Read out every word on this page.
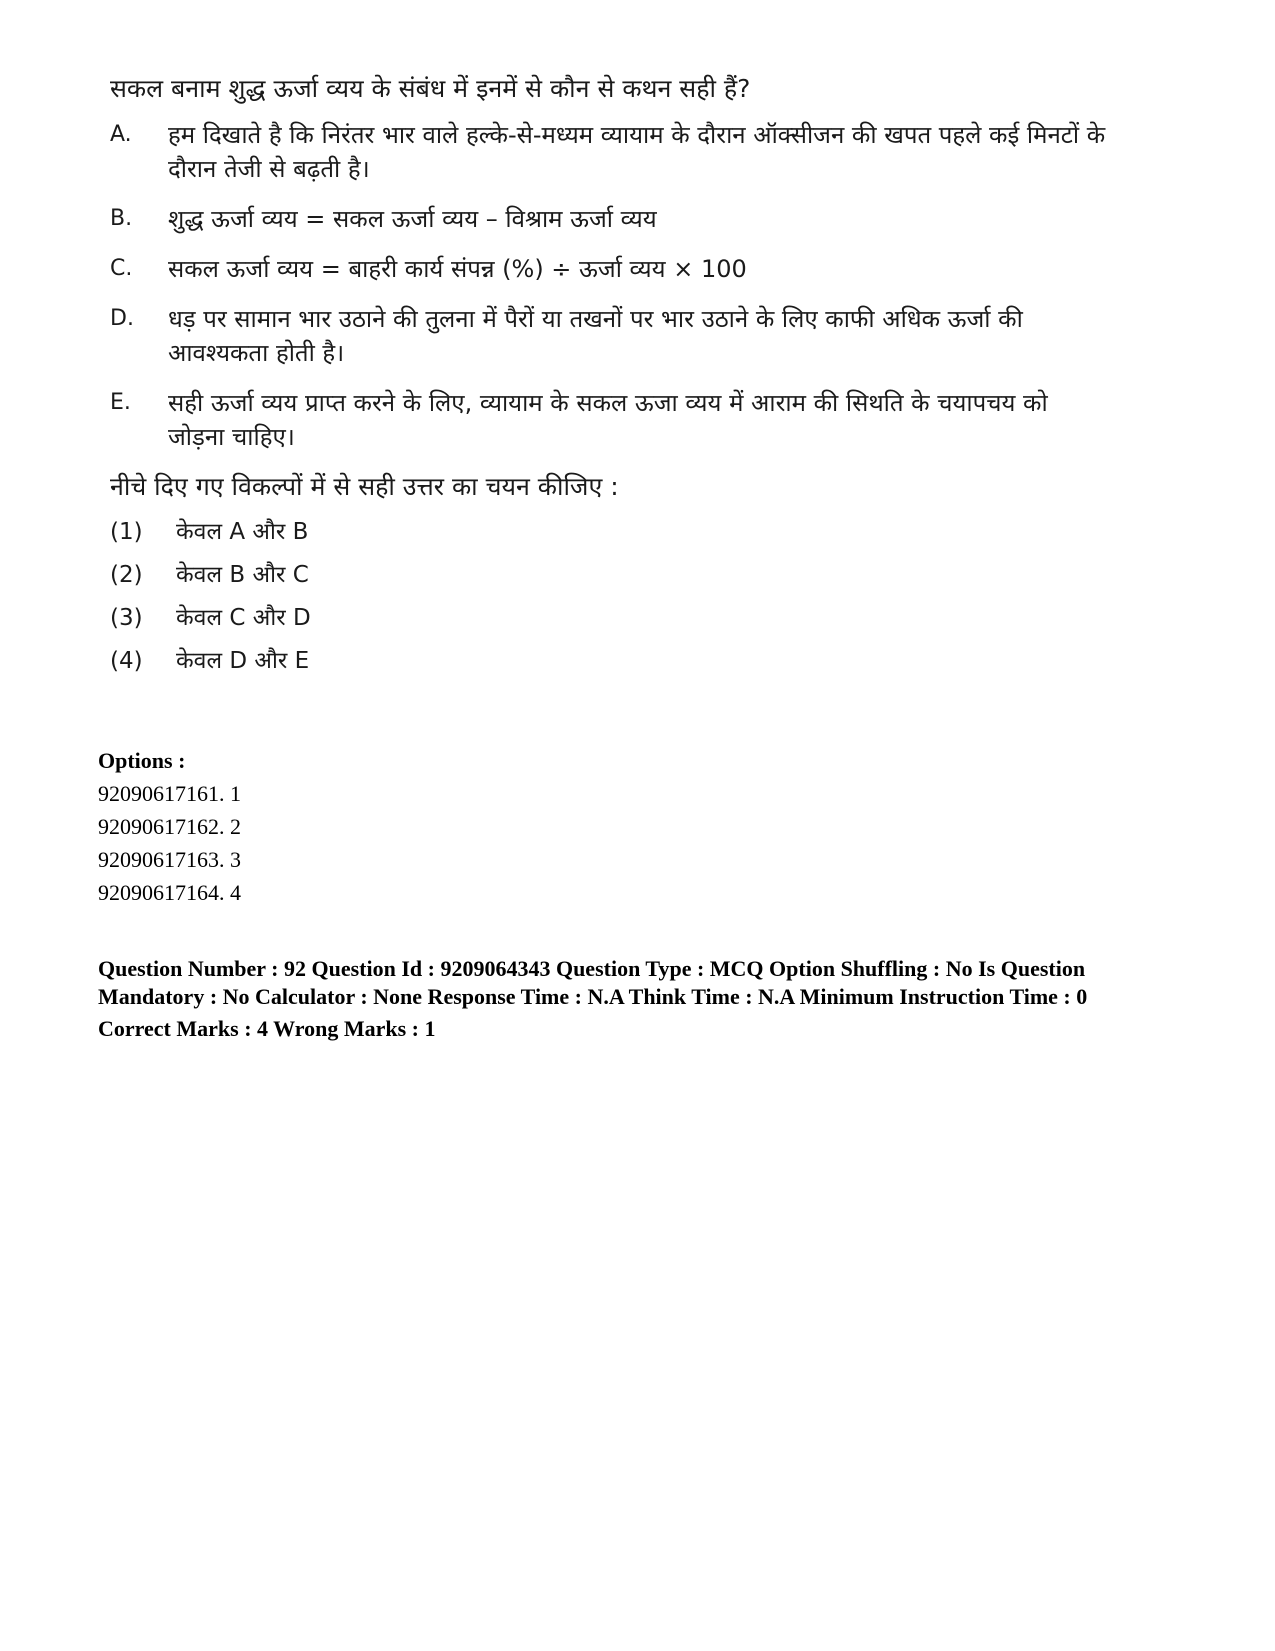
सकल बनाम शुद्ध ऊर्जा व्यय के संबंध में इनमें से कौन से कथन सही हैं?
A.	हम दिखाते है कि निरंतर भार वाले हल्के-से-मध्यम व्यायाम के दौरान ऑक्सीजन की खपत पहले कई मिनटों के दौरान तेजी से बढ़ती है।
B.	शुद्ध ऊर्जा व्यय = सकल ऊर्जा व्यय – विश्राम ऊर्जा व्यय
C.	सकल ऊर्जा व्यय = बाहरी कार्य संपन्न (%) ÷ ऊर्जा व्यय × 100
D.	धड़ पर सामान भार उठाने की तुलना में पैरों या तखनों पर भार उठाने के लिए काफी अधिक ऊर्जा की आवश्यकता होती है।
E.	सही ऊर्जा व्यय प्राप्त करने के लिए, व्यायाम के सकल ऊजा व्यय में आराम की सिथति के चयापचय को जोड़ना चाहिए।
नीचे दिए गए विकल्पों में से सही उत्तर का चयन कीजिए :
(1)	केवल A और B
(2)	केवल B और C
(3)	केवल C और D
(4)	केवल D और E
Options :
92090617161. 1
92090617162. 2
92090617163. 3
92090617164. 4
Question Number : 92 Question Id : 9209064343 Question Type : MCQ Option Shuffling : No Is Question Mandatory : No Calculator : None Response Time : N.A Think Time : N.A Minimum Instruction Time : 0
Correct Marks : 4 Wrong Marks : 1
